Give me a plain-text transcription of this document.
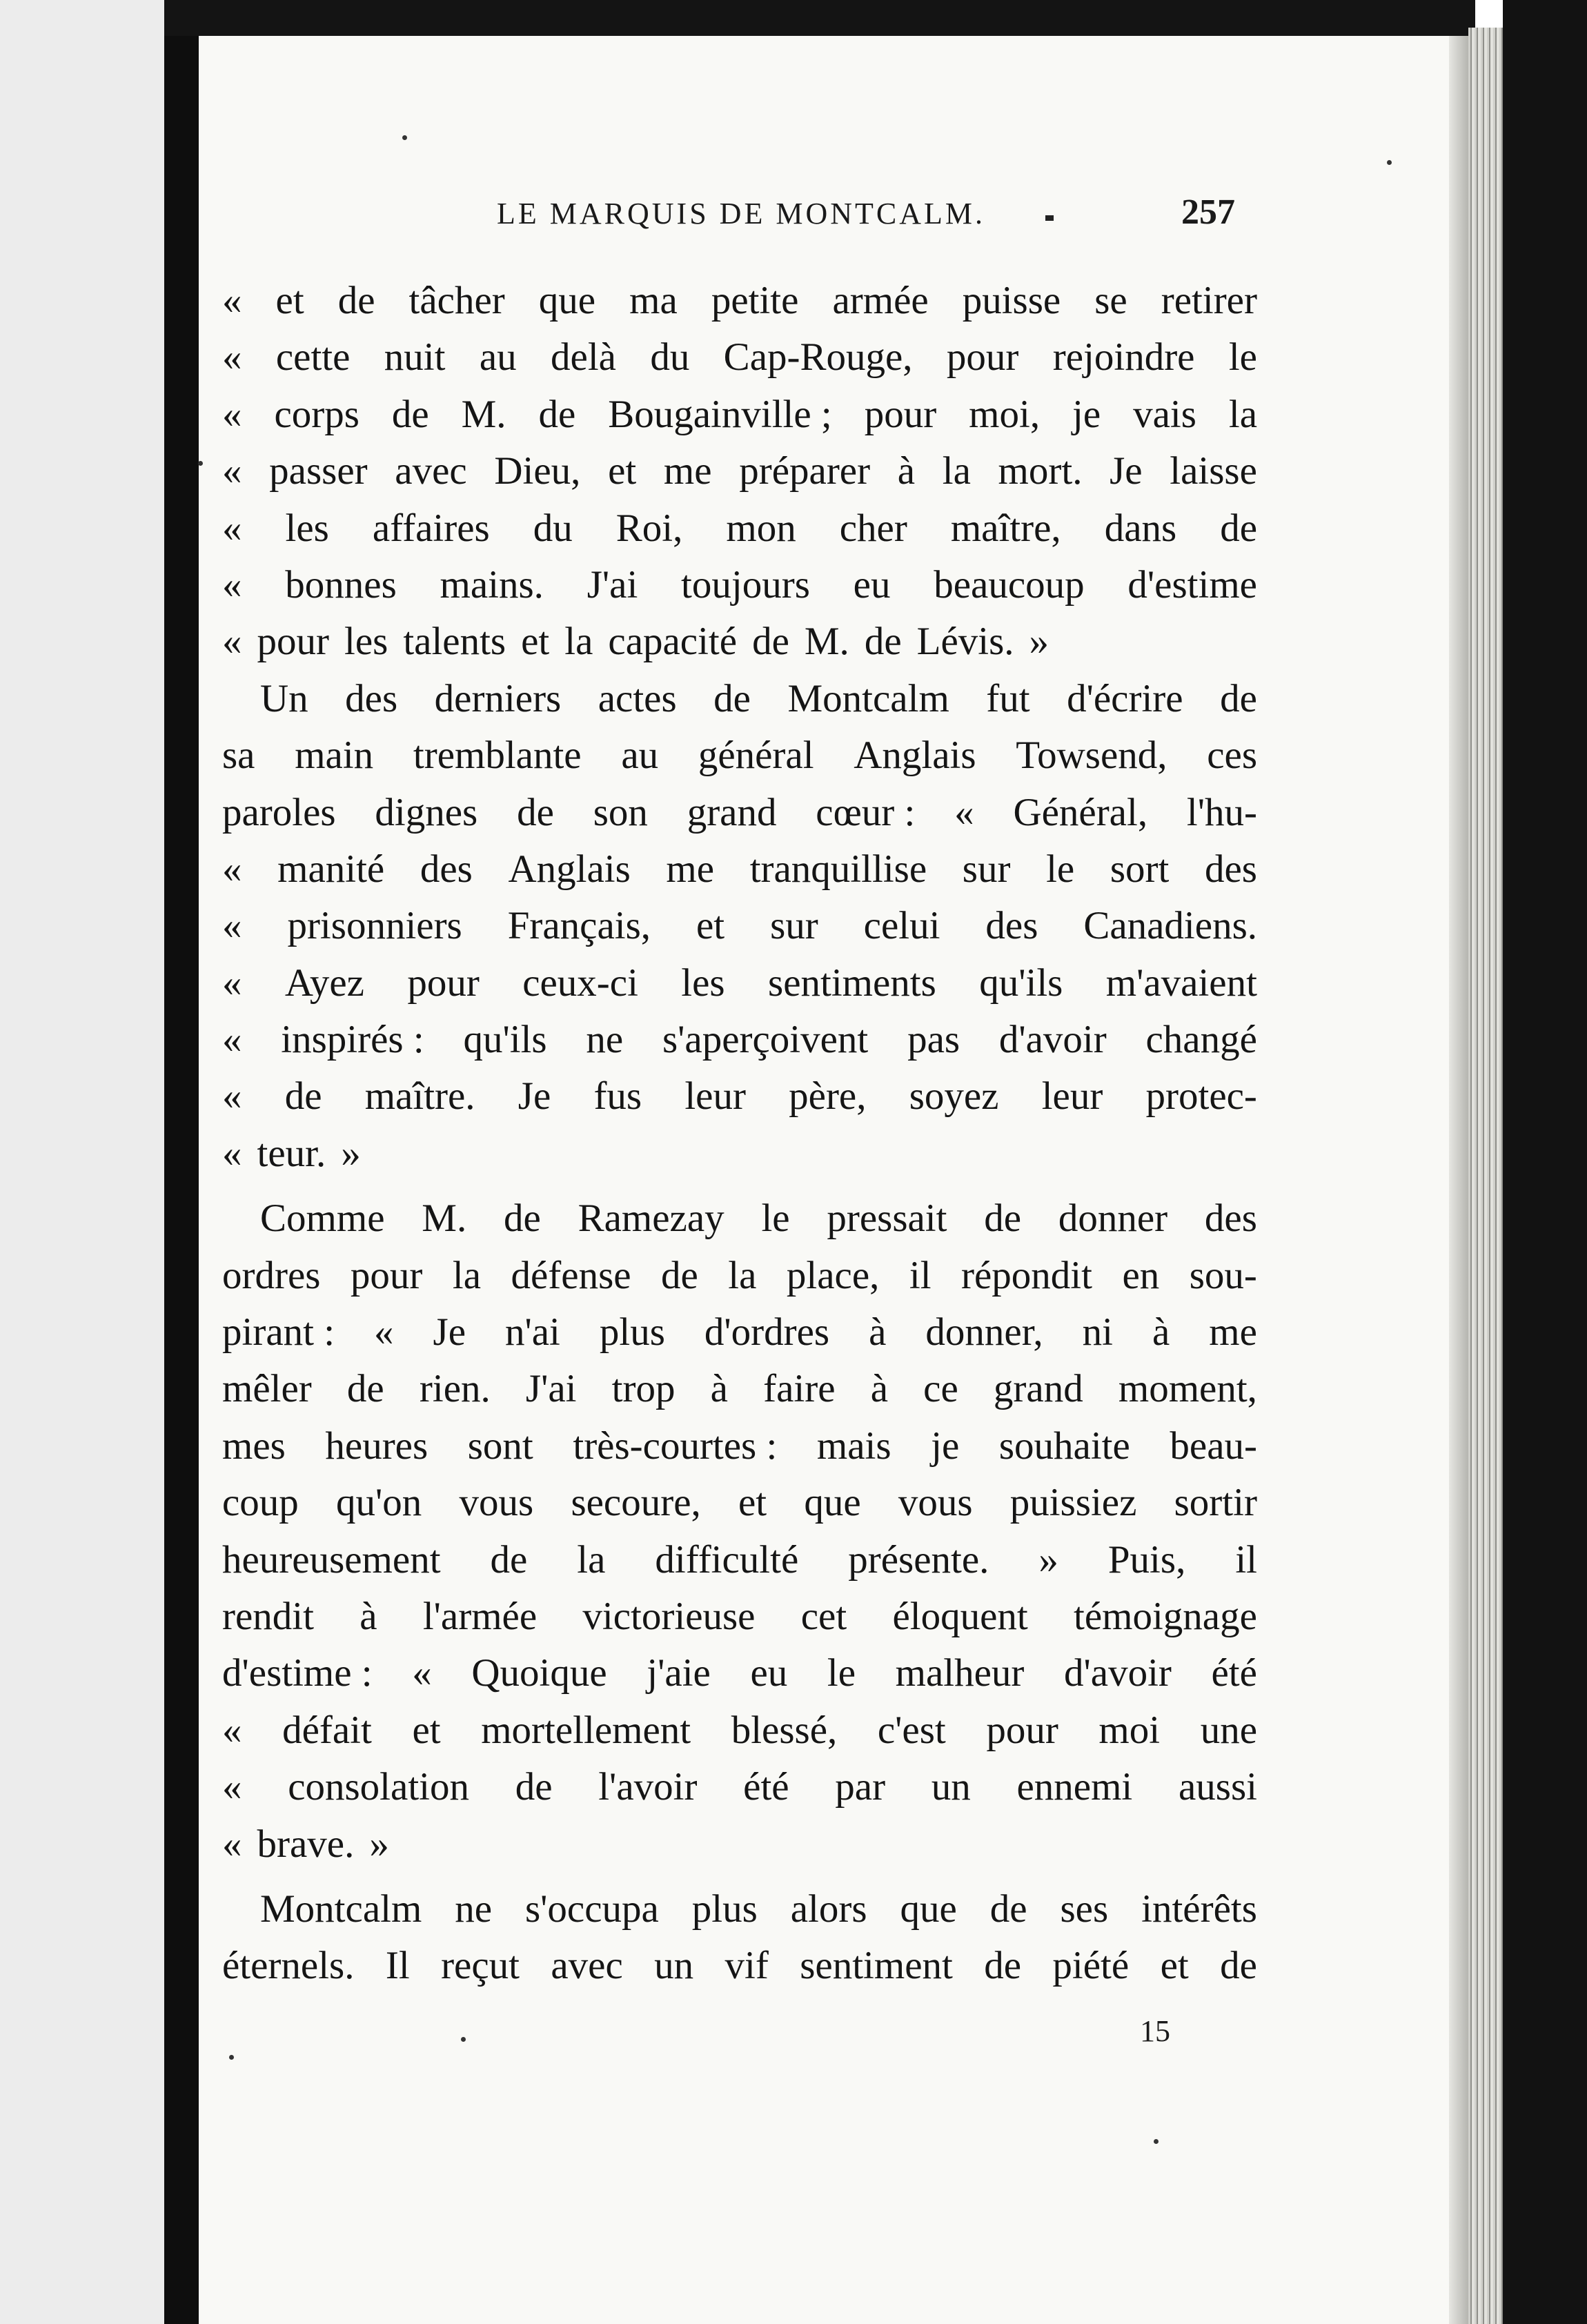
LE MARQUIS DE MONTCALM.	257
« et de tâcher que ma petite armée puisse se retirer
« cette nuit au delà du Cap-Rouge, pour rejoindre le
« corps de M. de Bougainville ; pour moi, je vais la
« passer avec Dieu, et me préparer à la mort. Je laisse
« les affaires du Roi, mon cher maître, dans de
« bonnes mains. J'ai toujours eu beaucoup d'estime
« pour les talents et la capacité de M. de Lévis. »
Un des derniers actes de Montcalm fut d'écrire de
sa main tremblante au général Anglais Towsend, ces
paroles dignes de son grand cœur : « Général, l'hu-
« manité des Anglais me tranquillise sur le sort des
« prisonniers Français, et sur celui des Canadiens.
« Ayez pour ceux-ci les sentiments qu'ils m'avaient
« inspirés : qu'ils ne s'aperçoivent pas d'avoir changé
« de maître. Je fus leur père, soyez leur protec-
« teur. »
Comme M. de Ramezay le pressait de donner des
ordres pour la défense de la place, il répondit en sou-
pirant : « Je n'ai plus d'ordres à donner, ni à me
mêler de rien. J'ai trop à faire à ce grand moment,
mes heures sont très-courtes : mais je souhaite beau-
coup qu'on vous secoure, et que vous puissiez sortir
heureusement de la difficulté présente. » Puis, il
rendit à l'armée victorieuse cet éloquent témoignage
d'estime : « Quoique j'aie eu le malheur d'avoir été
« défait et mortellement blessé, c'est pour moi une
« consolation de l'avoir été par un ennemi aussi
« brave. »
Montcalm ne s'occupa plus alors que de ses intérêts
éternels. Il reçut avec un vif sentiment de piété et de
15
